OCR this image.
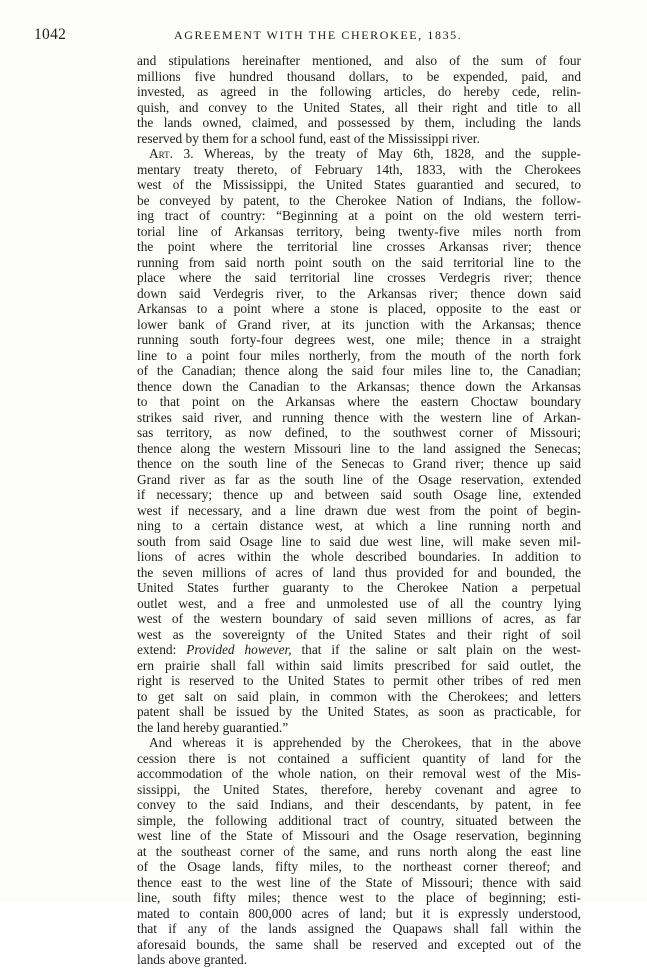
1042	AGREEMENT WITH THE CHEROKEE, 1835.
and stipulations hereinafter mentioned, and also of the sum of four
millions five hundred thousand dollars, to be expended, paid, and
invested, as agreed in the following articles, do hereby cede, relin-
quish, and convey to the United States, all their right and title to all
the lands owned, claimed, and possessed by them, including the lands
reserved by them for a school fund, east of the Mississippi river.
Art. 3. Whereas, by the treaty of May 6th, 1828, and the supple-
mentary treaty thereto, of February 14th, 1833, with the Cherokees
west of the Mississippi, the United States guarantied and secured, to
be conveyed by patent, to the Cherokee Nation of Indians, the follow-
ing tract of country: “Beginning at a point on the old western terri-
torial line of Arkansas territory, being twenty-five miles north from
the point where the territorial line crosses Arkansas river; thence
running from said north point south on the said territorial line to the
place where the said territorial line crosses Verdegris river; thence
down said Verdegris river, to the Arkansas river; thence down said
Arkansas to a point where a stone is placed, opposite to the east or
lower bank of Grand river, at its junction with the Arkansas; thence
running south forty-four degrees west, one mile; thence in a straight
line to a point four miles northerly, from the mouth of the north fork
of the Canadian; thence along the said four miles line to, the Canadian;
thence down the Canadian to the Arkansas; thence down the Arkansas
to that point on the Arkansas where the eastern Choctaw boundary
strikes said river, and running thence with the western line of Arkan-
sas territory, as now defined, to the southwest corner of Missouri;
thence along the western Missouri line to the land assigned the Senecas;
thence on the south line of the Senecas to Grand river; thence up said
Grand river as far as the south line of the Osage reservation, extended
if necessary; thence up and between said south Osage line, extended
west if necessary, and a line drawn due west from the point of begin-
ning to a certain distance west, at which a line running north and
south from said Osage line to said due west line, will make seven mil-
lions of acres within the whole described boundaries. In addition to
the seven millions of acres of land thus provided for and bounded, the
United States further guaranty to the Cherokee Nation a perpetual
outlet west, and a free and unmolested use of all the country lying
west of the western boundary of said seven millions of acres, as far
west as the sovereignty of the United States and their right of soil
extend: Provided however, that if the saline or salt plain on the west-
ern prairie shall fall within said limits prescribed for said outlet, the
right is reserved to the United States to permit other tribes of red men
to get salt on said plain, in common with the Cherokees; and letters
patent shall be issued by the United States, as soon as practicable, for
the land hereby guarantied.”
And whereas it is apprehended by the Cherokees, that in the above
cession there is not contained a sufficient quantity of land for the
accommodation of the whole nation, on their removal west of the Mis-
sissippi, the United States, therefore, hereby covenant and agree to
convey to the said Indians, and their descendants, by patent, in fee
simple, the following additional tract of country, situated between the
west line of the State of Missouri and the Osage reservation, beginning
at the southeast corner of the same, and runs north along the east line
of the Osage lands, fifty miles, to the northeast corner thereof; and
thence east to the west line of the State of Missouri; thence with said
line, south fifty miles; thence west to the place of beginning; esti-
mated to contain 800,000 acres of land; but it is expressly understood,
that if any of the lands assigned the Quapaws shall fall within the
aforesaid bounds, the same shall be reserved and excepted out of the
lands above granted.
